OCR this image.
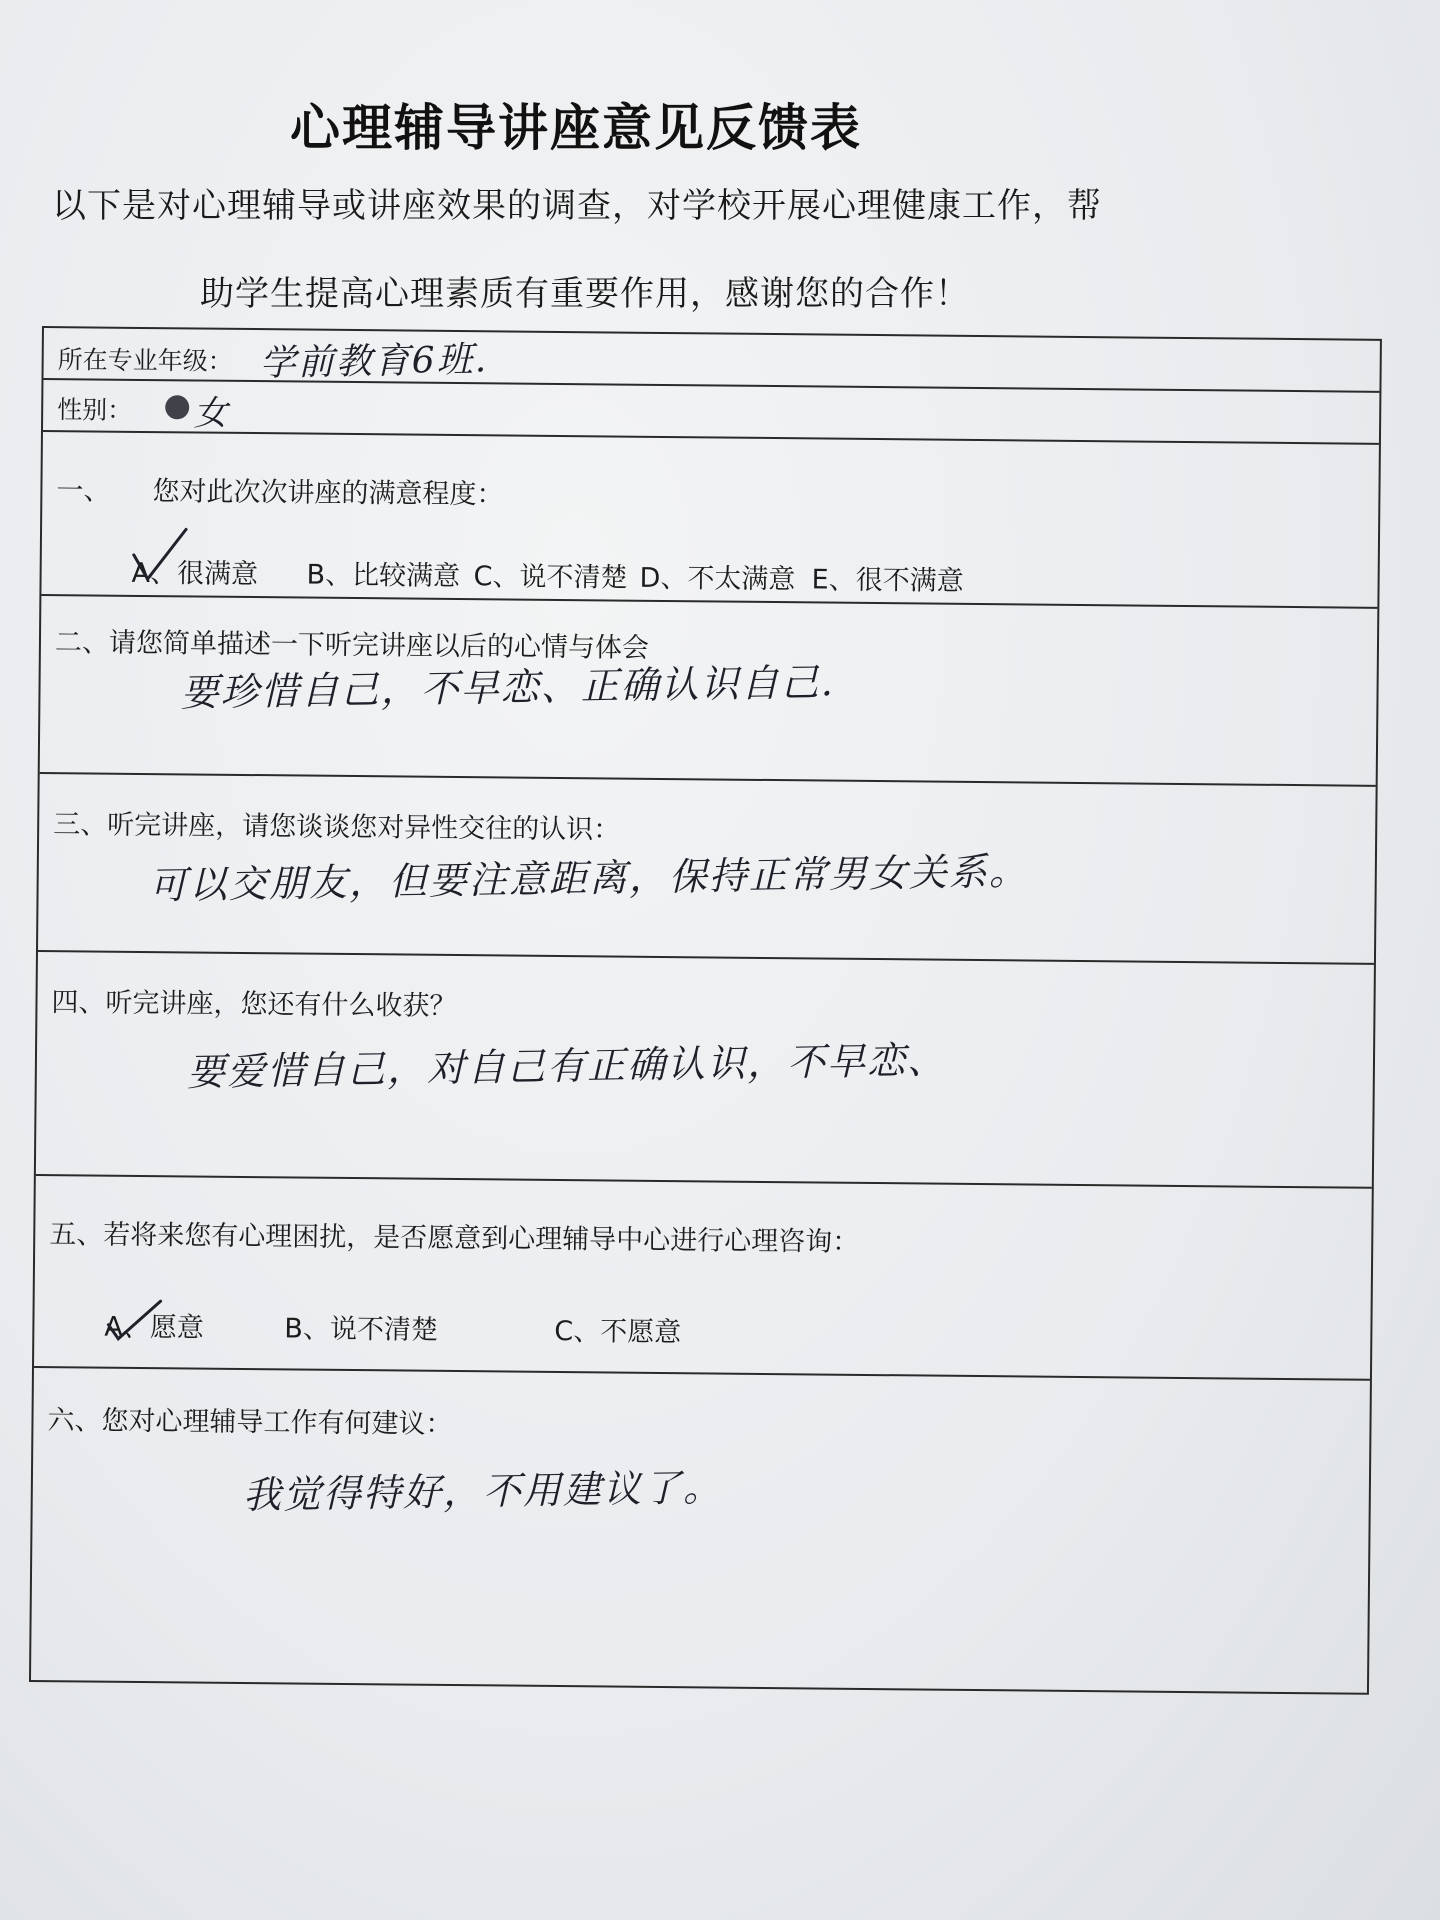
心理辅导讲座意见反馈表
以下是对心理辅导或讲座效果的调查，对学校开展心理健康工作，帮
助学生提高心理素质有重要作用，感谢您的合作！
所在专业年级： 学前教育6班.
性别： 女
一、 您对此次次讲座的满意程度：
A、很满意 B、比较满意 C、说不清楚 D、不太满意 E、很不满意
二、请您简单描述一下听完讲座以后的心情与体会
要珍惜自己，不早恋、正确认识自己.
三、听完讲座，请您谈谈您对异性交往的认识：
可以交朋友，但要注意距离，保持正常男女关系。
四、听完讲座，您还有什么收获？
要爱惜自己，对自己有正确认识，不早恋、
五、若将来您有心理困扰，是否愿意到心理辅导中心进行心理咨询：
A、愿意	B、说不清楚	C、不愿意
六、您对心理辅导工作有何建议：
我觉得特好，不用建议了。
